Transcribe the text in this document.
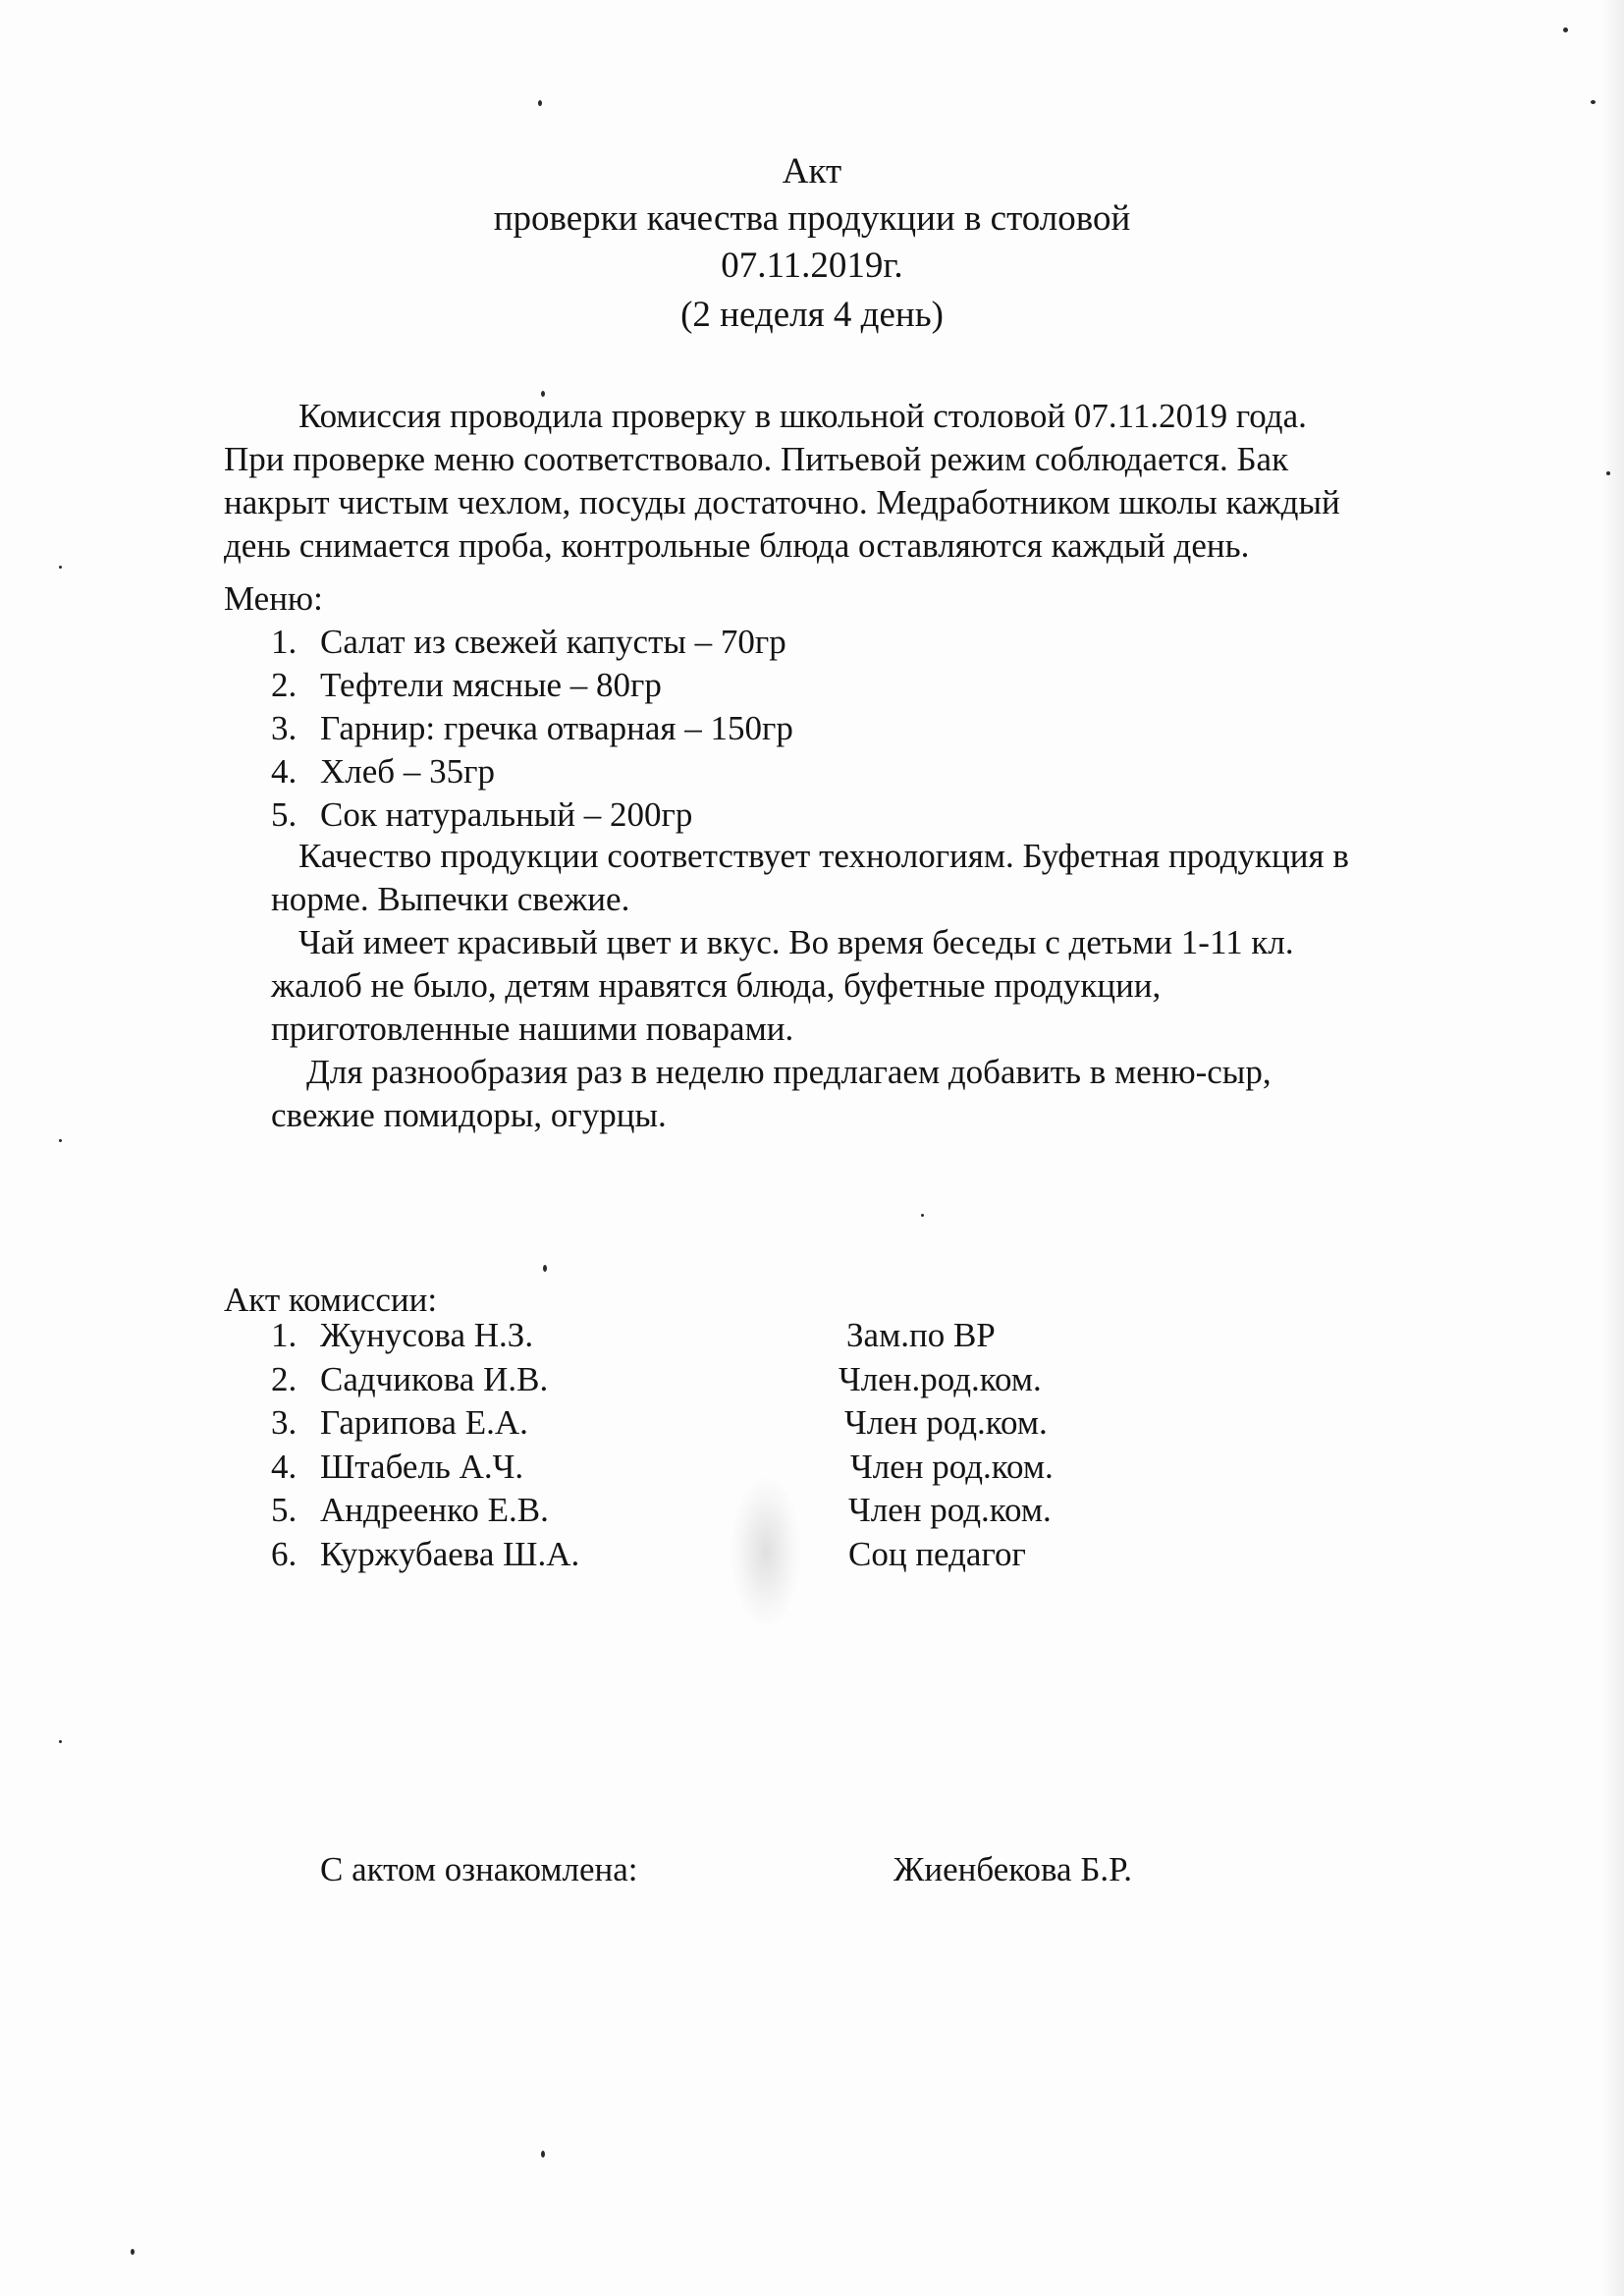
Акт
проверки качества продукции в столовой
07.11.2019г.
(2 неделя 4 день)
Комиссия проводила проверку в школьной столовой 07.11.2019 года.
При проверке меню соответствовало. Питьевой режим соблюдается. Бак
накрыт чистым чехлом, посуды достаточно. Медработником школы каждый
день снимается проба, контрольные блюда оставляются каждый день.
Меню:
1. Салат из свежей капусты – 70гр
2. Тефтели мясные – 80гр
3. Гарнир: гречка отварная – 150гр
4. Хлеб – 35гр
5. Сок натуральный – 200гр
Качество продукции соответствует технологиям. Буфетная продукция в
норме. Выпечки свежие.
Чай имеет красивый цвет и вкус. Во время беседы с детьми 1-11 кл.
жалоб не было, детям нравятся блюда, буфетные продукции,
приготовленные нашими поварами.
Для разнообразия раз в неделю предлагаем добавить в меню-сыр,
свежие помидоры, огурцы.
Акт комиссии:
1. Жунусова Н.З.	Зам.по ВР
2. Садчикова И.В.	Член.род.ком.
3. Гарипова Е.А.	Член род.ком.
4. Штабель А.Ч.	Член род.ком.
5. Андреенко Е.В.	Член род.ком.
6. Куржубаева Ш.А.	Соц педагог
С актом ознакомлена:	Жиенбекова Б.Р.
